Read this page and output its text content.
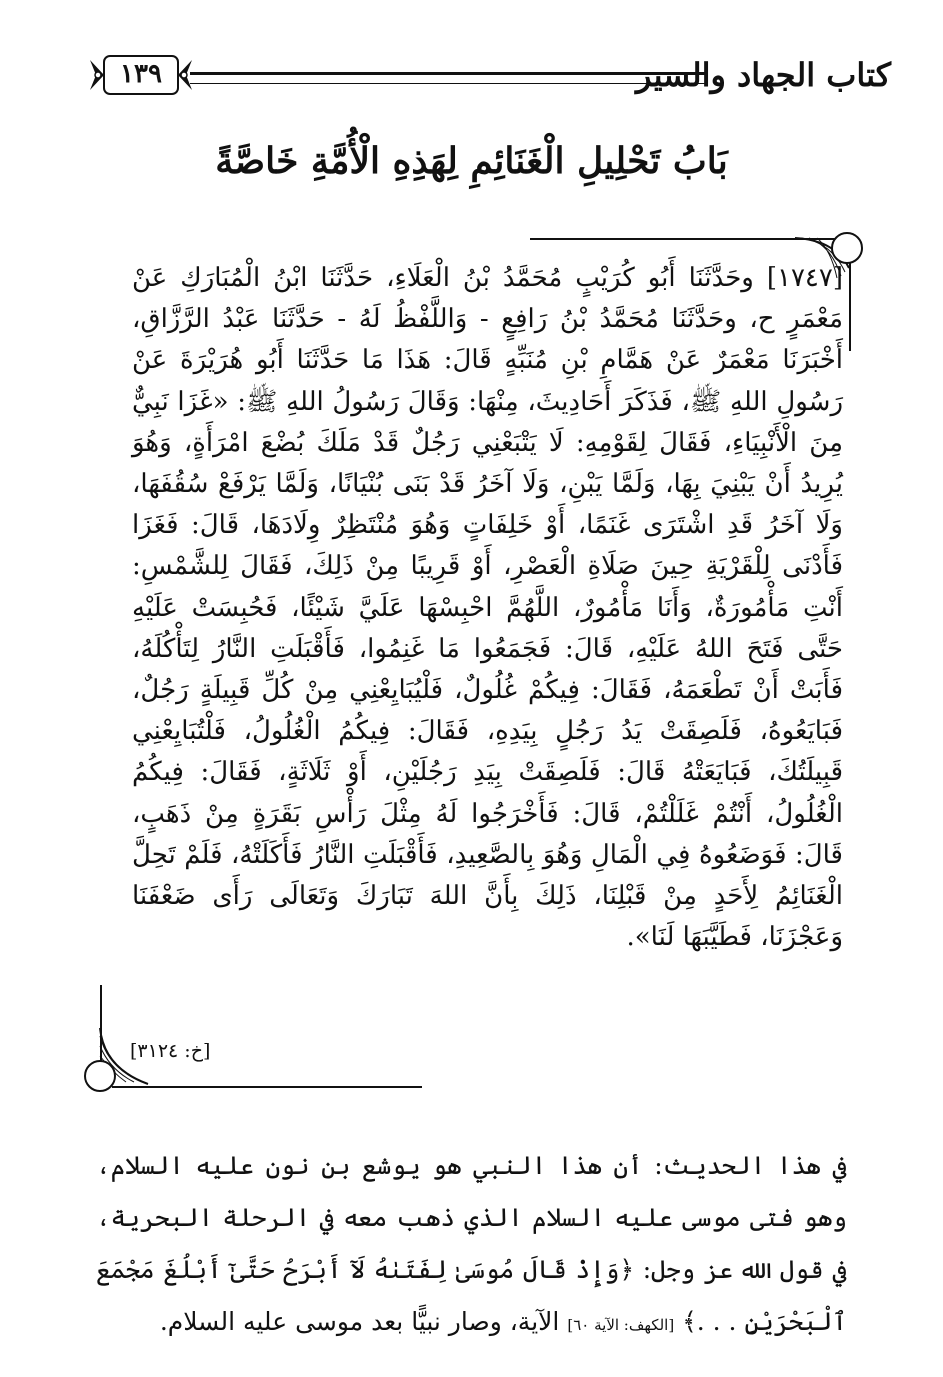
كتاب الجهاد والسير
١٣٩
بَابُ تَحْلِيلِ الْغَنَائِمِ لِهَذِهِ الْأُمَّةِ خَاصَّةً
[١٧٤٧] وحَدَّثَنَا أَبُو كُرَيْبٍ مُحَمَّدُ بْنُ الْعَلَاءِ، حَدَّثَنَا ابْنُ الْمُبَارَكِ عَنْ مَعْمَرٍ ح، وحَدَّثَنَا مُحَمَّدُ بْنُ رَافِعٍ - وَاللَّفْظُ لَهُ - حَدَّثَنَا عَبْدُ الرَّزَّاقِ، أَخْبَرَنَا مَعْمَرٌ عَنْ هَمَّامِ بْنِ مُنَبِّهٍ قَالَ: هَذَا مَا حَدَّثَنَا أَبُو هُرَيْرَةَ عَنْ رَسُولِ اللهِ ﷺ، فَذَكَرَ أَحَادِيثَ، مِنْهَا: وَقَالَ رَسُولُ اللهِ ﷺ: «غَزَا نَبِيٌّ مِنَ الْأَنْبِيَاءِ، فَقَالَ لِقَوْمِهِ: لَا يَتْبَعْنِي رَجُلٌ قَدْ مَلَكَ بُضْعَ امْرَأَةٍ، وَهُوَ يُرِيدُ أَنْ يَبْنِيَ بِهَا، وَلَمَّا يَبْنِ، وَلَا آخَرُ قَدْ بَنَى بُنْيَانًا، وَلَمَّا يَرْفَعْ سُقُفَهَا، وَلَا آخَرُ قَدِ اشْتَرَى غَنَمًا، أَوْ خَلِفَاتٍ وَهُوَ مُنْتَظِرٌ وِلَادَهَا، قَالَ: فَغَزَا فَأَدْنَى لِلْقَرْيَةِ حِينَ صَلَاةِ الْعَصْرِ، أَوْ قَرِيبًا مِنْ ذَلِكَ، فَقَالَ لِلشَّمْسِ: أَنْتِ مَأْمُورَةٌ، وَأَنَا مَأْمُورٌ، اللَّهُمَّ احْبِسْهَا عَلَيَّ شَيْئًا، فَحُبِسَتْ عَلَيْهِ حَتَّى فَتَحَ اللهُ عَلَيْهِ، قَالَ: فَجَمَعُوا مَا غَنِمُوا، فَأَقْبَلَتِ النَّارُ لِتَأْكُلَهُ، فَأَبَتْ أَنْ تَطْعَمَهُ، فَقَالَ: فِيكُمْ غُلُولٌ، فَلْيُبَايِعْنِي مِنْ كُلِّ قَبِيلَةٍ رَجُلٌ، فَبَايَعُوهُ، فَلَصِقَتْ يَدُ رَجُلٍ بِيَدِهِ، فَقَالَ: فِيكُمُ الْغُلُولُ، فَلْتُبَايِعْنِي قَبِيلَتُكَ، فَبَايَعَتْهُ قَالَ: فَلَصِقَتْ بِيَدِ رَجُلَيْنِ، أَوْ ثَلَاثَةٍ، فَقَالَ: فِيكُمُ الْغُلُولُ، أَنْتُمْ غَلَلْتُمْ، قَالَ: فَأَخْرَجُوا لَهُ مِثْلَ رَأْسِ بَقَرَةٍ مِنْ ذَهَبٍ، قَالَ: فَوَضَعُوهُ فِي الْمَالِ وَهُوَ بِالصَّعِيدِ، فَأَقْبَلَتِ النَّارُ فَأَكَلَتْهُ، فَلَمْ تَحِلَّ الْغَنَائِمُ لِأَحَدٍ مِنْ قَبْلِنَا، ذَلِكَ بِأَنَّ اللهَ تَبَارَكَ وَتَعَالَى رَأَى ضَعْفَنَا وَعَجْزَنَا، فَطَيَّبَهَا لَنَا».
[خ: ٣١٢٤]
في هذا الحديث: أن هذا النبي هو يوشع بن نون عليه السلام، وهو فتى موسى عليه السلام الذي ذهب معه في الرحلة البحرية، في قول الله عز وجل: ﴿وَإِذْ قَالَ مُوسَىٰ لِفَتَىٰهُ لَآ أَبْرَحُ حَتَّىٰٓ أَبْلُغَ مَجْمَعَ ٱلْبَحْرَيْنِ . . .﴾ [الكهف: الآية ٦٠] الآية، وصار نبيًّا بعد موسى عليه السلام.
